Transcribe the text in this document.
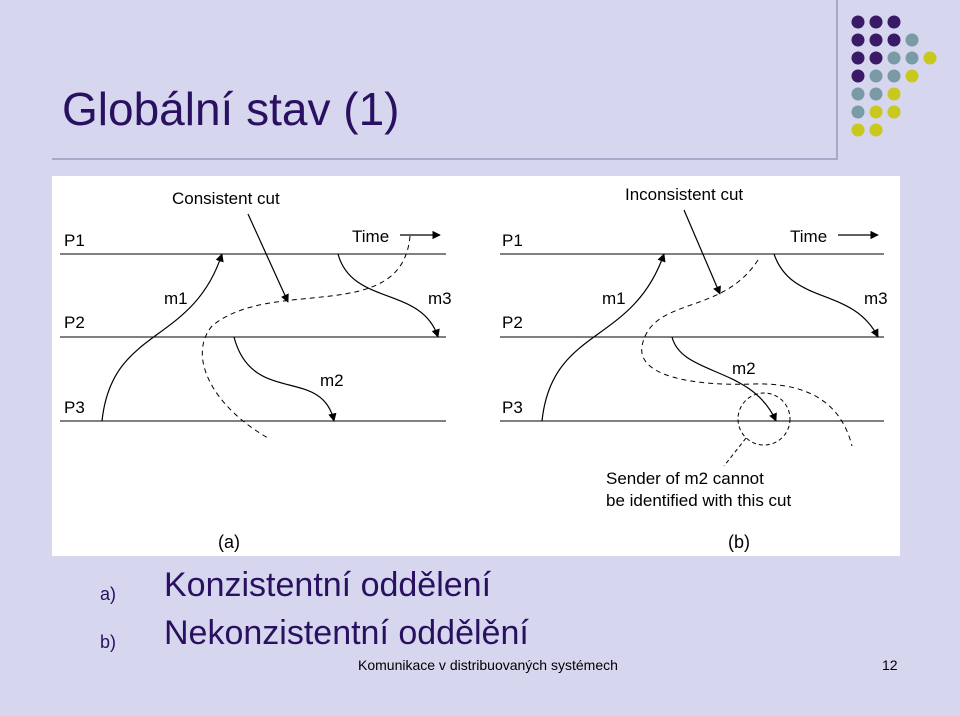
Globální stav (1)
P1
P2
P3
Consistent cut
Time
m1
m2
m3
(a)
P1
P2
P3
Inconsistent cut
Time
m1
m2
m3
Sender of m2 cannot
be identified with this cut
(b)
a) Konzistentní oddělení
b) Nekonzistentní oddělění
Komunikace v distribuovaných systémech	12
